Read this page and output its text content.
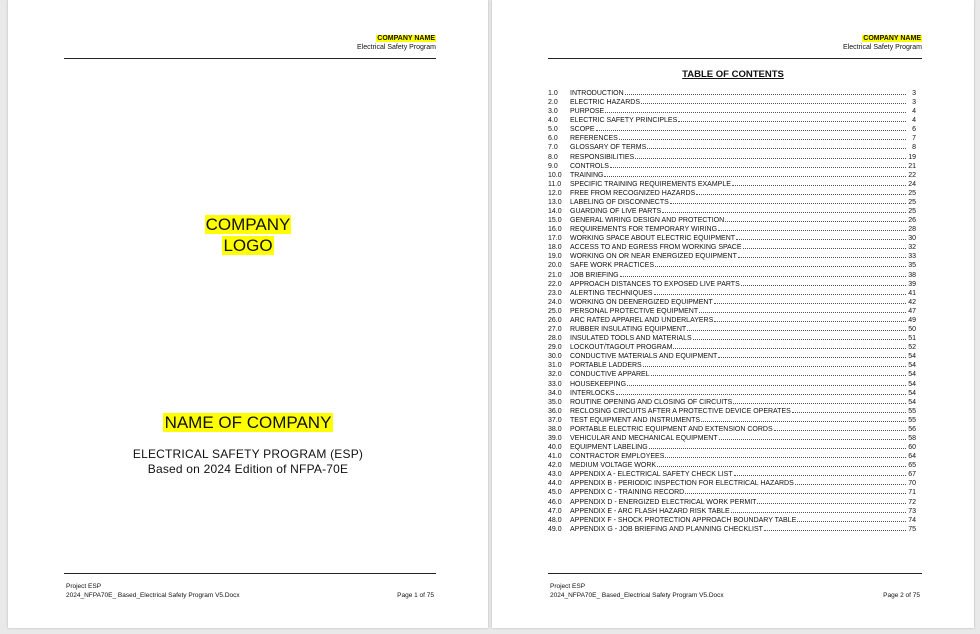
COMPANY NAME
Electrical Safety Program
COMPANY
LOGO
NAME OF COMPANY
ELECTRICAL SAFETY PROGRAM (ESP)
Based on 2024 Edition of NFPA-70E
Project ESP
2024_NFPA70E_ Based_Electrical Safety Program V5.Docx	Page 1 of 75
COMPANY NAME
Electrical Safety Program
TABLE OF CONTENTS
1.0	INTRODUCTION	3
2.0	ELECTRIC HAZARDS	3
3.0	PURPOSE	4
4.0	ELECTRIC SAFETY PRINCIPLES	4
5.0	SCOPE	6
6.0	REFERENCES	7
7.0	GLOSSARY OF TERMS	8
8.0	RESPONSIBILITIES	19
9.0	CONTROLS	21
10.0	TRAINING	22
11.0	SPECIFIC TRAINING REQUIREMENTS EXAMPLE	24
12.0	FREE FROM RECOGNIZED HAZARDS	25
13.0	LABELING OF DISCONNECTS	25
14.0	GUARDING OF LIVE PARTS	25
15.0	GENERAL WIRING DESIGN AND PROTECTION	26
16.0	REQUIREMENTS FOR TEMPORARY WIRING	28
17.0	WORKING SPACE ABOUT ELECTRIC EQUIPMENT	30
18.0	ACCESS TO AND EGRESS FROM WORKING SPACE	32
19.0	WORKING ON OR NEAR ENERGIZED EQUIPMENT	33
20.0	SAFE WORK PRACTICES	35
21.0	JOB BRIEFING	38
22.0	APPROACH DISTANCES TO EXPOSED LIVE PARTS	39
23.0	ALERTING TECHNIQUES	41
24.0	WORKING ON DEENERGIZED EQUIPMENT	42
25.0	PERSONAL PROTECTIVE EQUIPMENT	47
26.0	ARC RATED APPAREL AND UNDERLAYERS	49
27.0	RUBBER INSULATING EQUIPMENT	50
28.0	INSULATED TOOLS AND MATERIALS	51
29.0	LOCKOUT/TAGOUT PROGRAM	52
30.0	CONDUCTIVE MATERIALS AND EQUIPMENT	54
31.0	PORTABLE LADDERS	54
32.0	CONDUCTIVE APPAREL	54
33.0	HOUSEKEEPING	54
34.0	INTERLOCKS	54
35.0	ROUTINE OPENING AND CLOSING OF CIRCUITS	54
36.0	RECLOSING CIRCUITS AFTER A PROTECTIVE DEVICE OPERATES	55
37.0	TEST EQUIPMENT AND INSTRUMENTS	55
38.0	PORTABLE ELECTRIC EQUIPMENT AND EXTENSION CORDS	56
39.0	VEHICULAR AND MECHANICAL EQUIPMENT	58
40.0	EQUIPMENT LABELING	60
41.0	CONTRACTOR EMPLOYEES	64
42.0	MEDIUM VOLTAGE WORK	65
43.0	APPENDIX A - ELECTRICAL SAFETY CHECK LIST	67
44.0	APPENDIX B - PERIODIC INSPECTION FOR ELECTRICAL HAZARDS	70
45.0	APPENDIX C - TRAINING RECORD	71
46.0	APPENDIX D - ENERGIZED ELECTRICAL WORK PERMIT	72
47.0	APPENDIX E - ARC FLASH HAZARD RISK TABLE	73
48.0	APPENDIX F - SHOCK PROTECTION APPROACH BOUNDARY TABLE	74
49.0	APPENDIX G - JOB BRIEFING AND PLANNING CHECKLIST	75
Project ESP
2024_NFPA70E_ Based_Electrical Safety Program V5.Docx	Page 2 of 75
